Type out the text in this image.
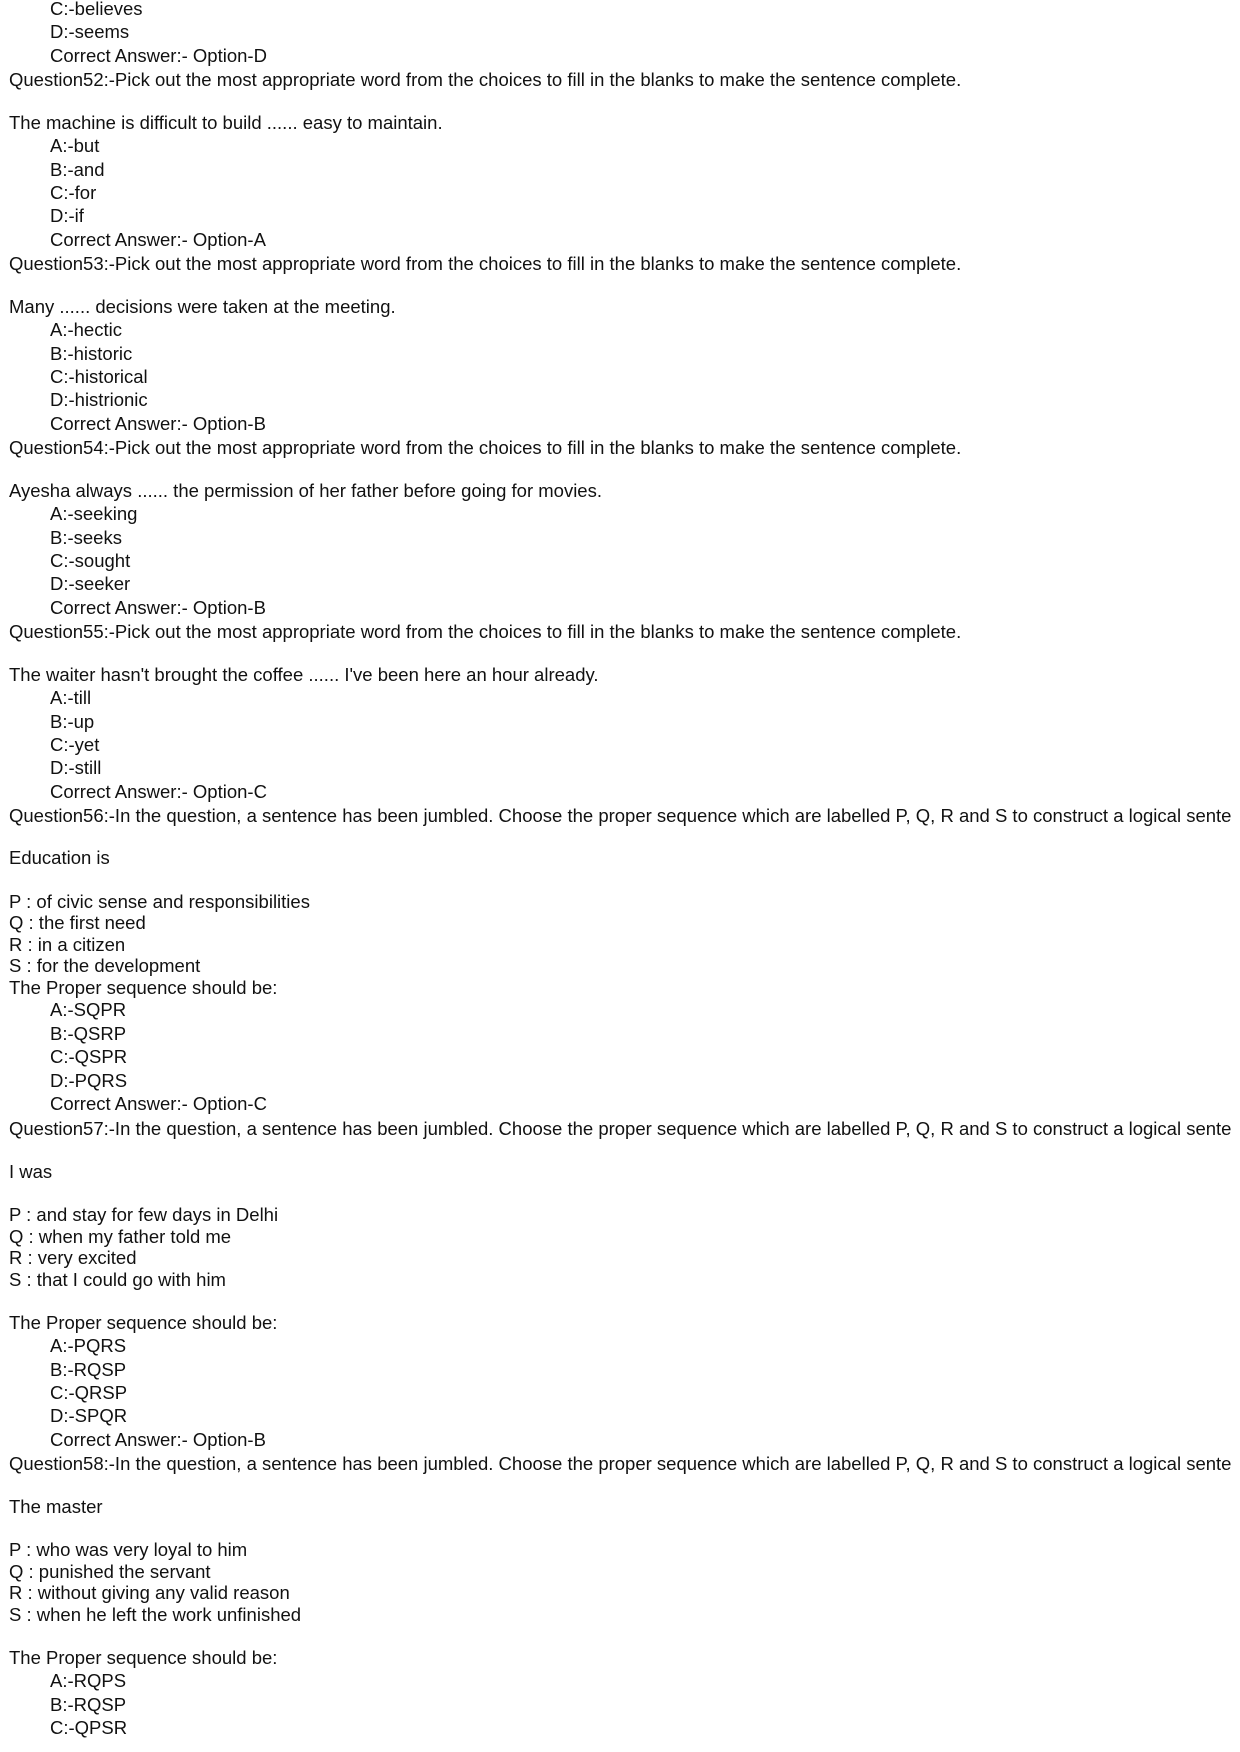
C:-believes
D:-seems
Correct Answer:- Option-D
Question52:-Pick out the most appropriate word from the choices to fill in the blanks to make the sentence complete.
The machine is difficult to build ...... easy to maintain.
A:-but
B:-and
C:-for
D:-if
Correct Answer:- Option-A
Question53:-Pick out the most appropriate word from the choices to fill in the blanks to make the sentence complete.
Many ...... decisions were taken at the meeting.
A:-hectic
B:-historic
C:-historical
D:-histrionic
Correct Answer:- Option-B
Question54:-Pick out the most appropriate word from the choices to fill in the blanks to make the sentence complete.
Ayesha always ...... the permission of her father before going for movies.
A:-seeking
B:-seeks
C:-sought
D:-seeker
Correct Answer:- Option-B
Question55:-Pick out the most appropriate word from the choices to fill in the blanks to make the sentence complete.
The waiter hasn't brought the coffee ...... I've been here an hour already.
A:-till
B:-up
C:-yet
D:-still
Correct Answer:- Option-C
Question56:-In the question, a sentence has been jumbled. Choose the proper sequence which are labelled P, Q, R and S to construct a logical sente
Education is
P : of civic sense and responsibilities
Q : the first need
R : in a citizen
S : for the development
The Proper sequence should be:
A:-SQPR
B:-QSRP
C:-QSPR
D:-PQRS
Correct Answer:- Option-C
Question57:-In the question, a sentence has been jumbled. Choose the proper sequence which are labelled P, Q, R and S to construct a logical sente
I was
P : and stay for few days in Delhi
Q : when my father told me
R : very excited
S : that I could go with him
The Proper sequence should be:
A:-PQRS
B:-RQSP
C:-QRSP
D:-SPQR
Correct Answer:- Option-B
Question58:-In the question, a sentence has been jumbled. Choose the proper sequence which are labelled P, Q, R and S to construct a logical sente
The master
P : who was very loyal to him
Q : punished the servant
R : without giving any valid reason
S : when he left the work unfinished
The Proper sequence should be:
A:-RQPS
B:-RQSP
C:-QPSR
